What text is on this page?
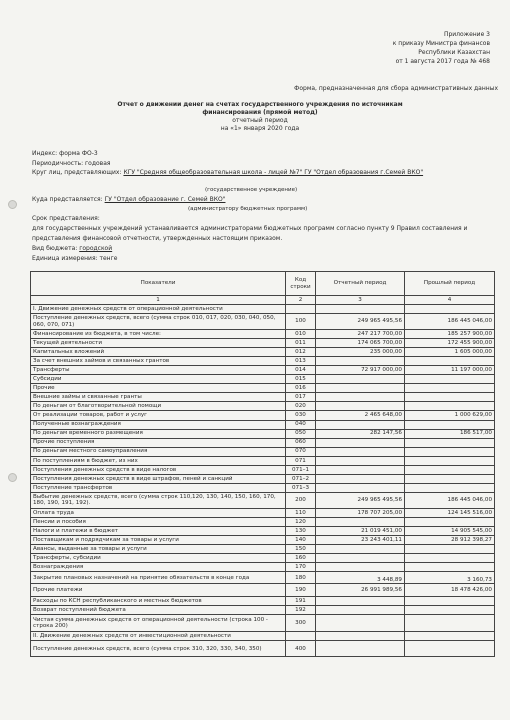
Приложение 3
к приказу Министра финансов
Республики Казахстан
от 1 августа 2017 года № 468
Форма, предназначенная для сбора административных данных
Отчет о движении денег на счетах государственного учреждения по источникам
финансирования (прямой метод)
отчетный период
на «1» января 2020 года
Индекс: форма ФО-3
Периодичность: годовая
Круг лиц, представляющих: КГУ "Средняя общеобразовательная школа - лицей №7" ГУ "Отдел образования г.Семей ВКО"
(государственное учреждение)
Куда представляется: ГУ "Отдел образование г. Семей ВКО"
(администратору бюджетных программ)
Срок представления:
для государственных учреждений устанавливается администраторами бюджетных программ согласно пункту 9 Правил составления и
представления финансовой отчетности, утвержденных настоящим приказом.
Вид бюджета: городской
Единица измерения: тенге
Показатели	Код строки	Отчетный период	Прошлый период
1	2	3	4
I. Движение денежных средств от операционной деятельности			
Поступление денежных средств, всего (сумма строк 010, 017, 020, 030, 040, 050, 060, 070, 071)	100	249 965 495,56	186 445 046,00
Финансирование из бюджета, в том числе:	010	247 217 700,00	185 257 900,00
Текущей деятельности	011	174 065 700,00	172 455 900,00
Капитальных вложений	012	235 000,00	1 605 000,00
За счет внешних займов и связанных грантов	013		
Трансферты	014	72 917 000,00	11 197 000,00
Субсидии	015		
Прочие	016		
Внешние займы и связанные гранты	017		
По деньгам от благотворительной помощи	020		
От реализации товаров, работ и услуг	030	2 465 648,00	1 000 629,00
Полученные вознаграждения	040		
По деньгам временного размещения	050	282 147,56	186 517,00
Прочие поступления	060		
По деньгам местного самоуправления	070		
По поступлениям в бюджет, из них	071		
Поступления денежных средств в виде налогов	071–1		
Поступления денежных средств в виде штрафов, пеней и санкций	071–2		
Поступление трансфертов	071–3		
Выбытие денежных средств, всего (сумма строк 110,120, 130, 140, 150, 160, 170, 180, 190, 191, 192).	200	249 965 495,56	186 445 046,00
Оплата труда	110	178 707 205,00	124 145 516,00
Пенсии и пособия	120		
Налоги и платежи в бюджет	130	21 019 451,00	14 905 545,00
Поставщикам и подрядчикам за товары и услуги	140	23 243 401,11	28 912 398,27
Авансы, выданные за товары и услуги	150		
Трансферты, субсидии	160		
Вознаграждения	170		
Закрытие плановых назначений на принятие обязательств в конце года	180	3 448,89	3 160,73
Прочие платежи	190	26 991 989,56	18 478 426,00
Расходы по КСН республиканского и местных бюджетов	191		
Возврат поступлений бюджета	192		
Чистая сумма денежных средств от операционной деятельности (строка 100 - строка 200)	300		
II. Движение денежных средств от инвестиционной деятельности			
Поступление денежных средств, всего (сумма строк 310, 320, 330, 340, 350)	400		
